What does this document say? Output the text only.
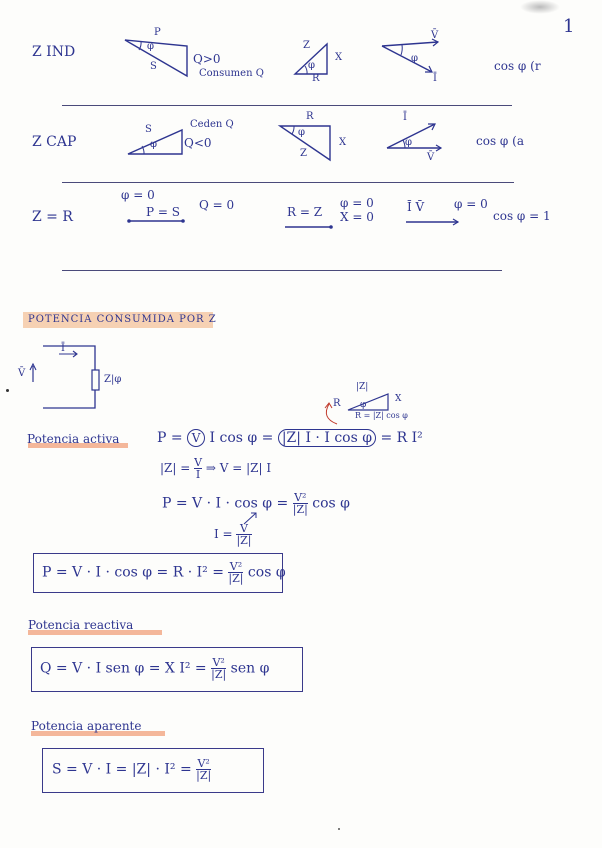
1
Z IND
P
φ
S
Q>0
Consumen Q
Z
φ
X
R
V̄
φ
Ī
cos φ (r
Z CAP
Ceden Q
S
φ Q<0
R
φ
X
Z
Ī
φ
V̄
cos φ (a
Z = R
φ = 0
P = S Q = 0	R = Z
φ = 0
X = 0
Ī V̄ φ = 0
cos φ = 1
POTENCIA CONSUMIDA POR Z
V̄
Ī
Z|φ
Potencia activa	P = V I cos φ = |Z| I · I cos φ = R I²
R
|Z|
X
φ
R = |Z| cos φ
$|Z| = \frac{V}{I}$ ⇒ V = |Z| I
$P = V \cdot I \cdot \cos \varphi = \frac{\text{V²}}{|Z|}$ cos φ
$I = \frac{V}{|Z|}$
$P = V \cdot I \cdot \cos \varphi = R \cdot I^2 = \frac{\text{V²}}{|Z|}$ cos φ
Potencia reactiva
Q = V · I sen φ = X $I^2 = \frac{\text{V²}}{|Z|}$ sen φ
Potencia aparente
$S = V \cdot I = |Z| \cdot I^2 = \frac{\text{V²}}{|Z|}$
